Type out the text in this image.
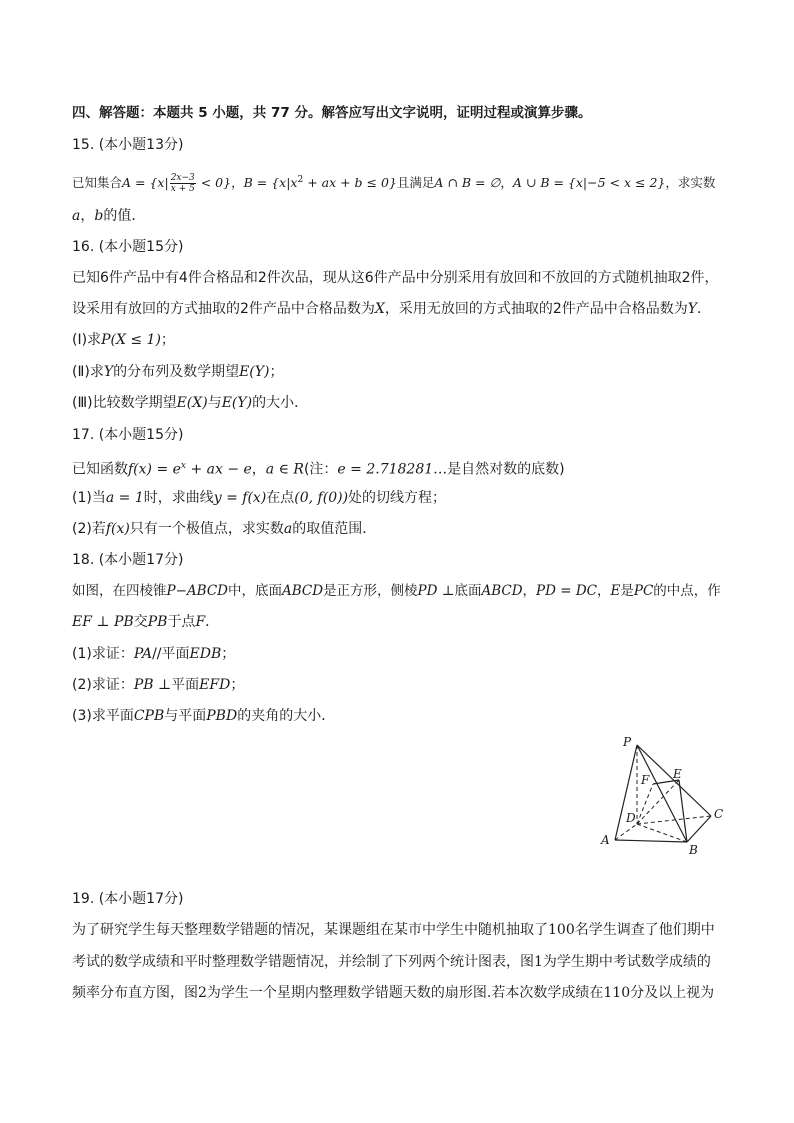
四、解答题：本题共 5 小题，共 77 分。解答应写出文字说明，证明过程或演算步骤。
15. (本小题13分)
已知集合$A = \{x| \frac{2x-3}{x + 5} < 0\}$，$B = \{x|x^2$ + ax + b ≤ 0}且满足A ∩ B = ∅，A ∪ B = {x|−5 < x ≤ 2}，求实数
a，b的值．
16. (本小题15分)
已知6件产品中有4件合格品和2件次品，现从这6件产品中分别采用有放回和不放回的方式随机抽取2件，
设采用有放回的方式抽取的2件产品中合格品数为X，采用无放回的方式抽取的2件产品中合格品数为Y．
(Ⅰ)求P(X ≤ 1)；
(Ⅱ)求Y的分布列及数学期望E(Y)；
(Ⅲ)比较数学期望E(X)与E(Y)的大小．
17. (本小题15分)
已知函数$f(x) = e^x$ + ax − e，a ∈ R(注：e = 2.718281…是自然对数的底数)
(1)当a = 1时，求曲线y = f(x)在点(0, f(0))处的切线方程；
(2)若f(x)只有一个极值点，求实数a的取值范围．
18. (本小题17分)
如图，在四棱锥P−ABCD中，底面ABCD是正方形，侧棱PD ⊥底面ABCD，PD = DC，E是PC的中点，作
EF ⊥ PB交PB于点F．
(1)求证：PA//平面EDB；
(2)求证：PB ⊥平面EFD；
(3)求平面CPB与平面PBD的夹角的大小．
P
F E
D	C
A
B
19. (本小题17分)
为了研究学生每天整理数学错题的情况，某课题组在某市中学生中随机抽取了100名学生调查了他们期中
考试的数学成绩和平时整理数学错题情况，并绘制了下列两个统计图表，图1为学生期中考试数学成绩的
频率分布直方图，图2为学生一个星期内整理数学错题天数的扇形图.若本次数学成绩在110分及以上视为
